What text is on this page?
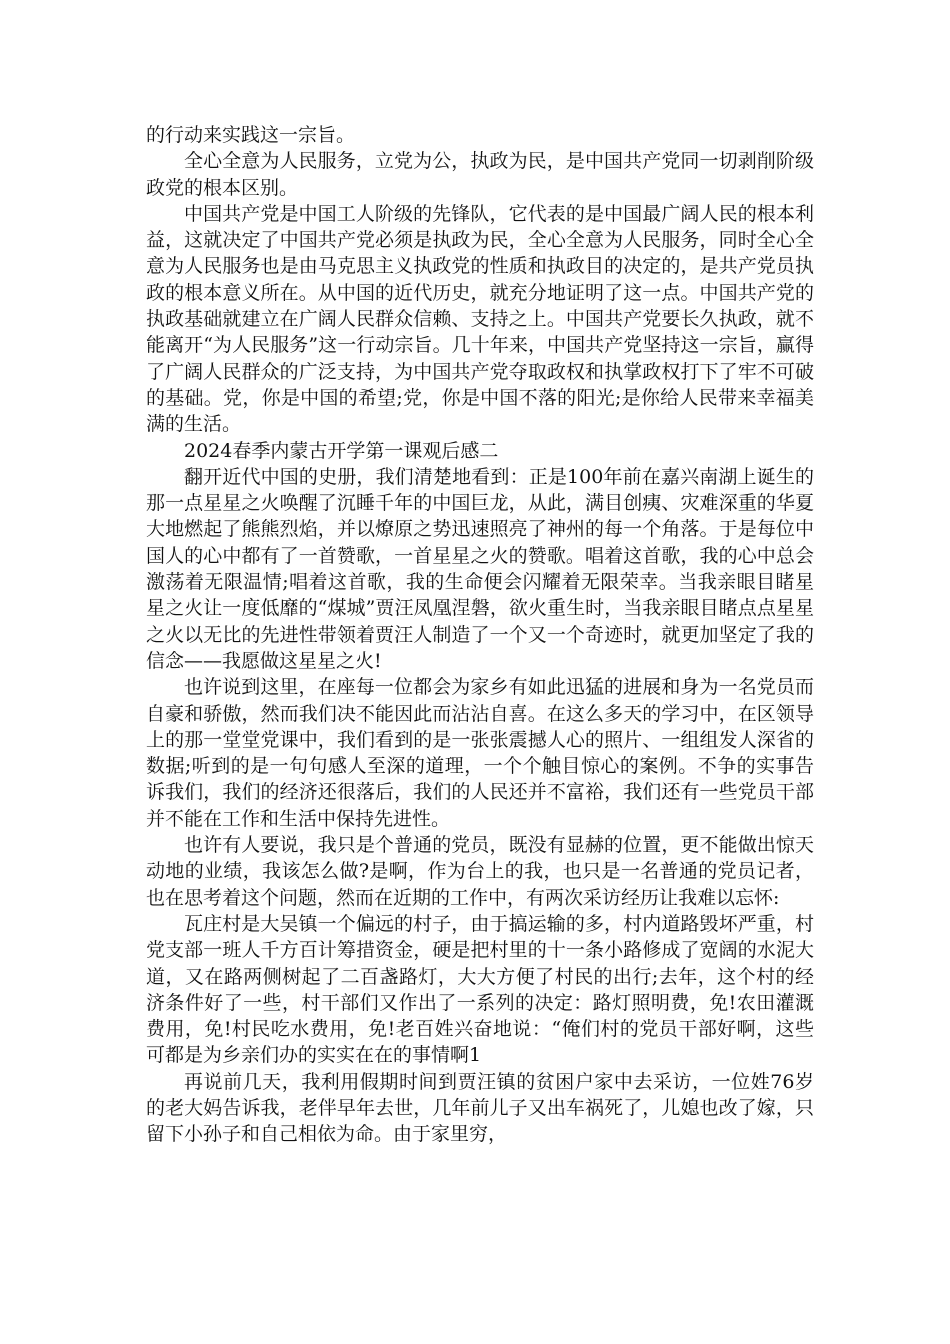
的行动来实践这一宗旨。

全心全意为人民服务，立党为公，执政为民，是中国共产党同一切剥削阶级政党的根本区别。

中国共产党是中国工人阶级的先锋队，它代表的是中国最广阔人民的根本利益，这就决定了中国共产党必须是执政为民，全心全意为人民服务，同时全心全意为人民服务也是由马克思主义执政党的性质和执政目的决定的，是共产党员执政的根本意义所在。从中国的近代历史，就充分地证明了这一点。中国共产党的执政基础就建立在广阔人民群众信赖、支持之上。中国共产党要长久执政，就不能离开“为人民服务”这一行动宗旨。几十年来，中国共产党坚持这一宗旨，赢得了广阔人民群众的广泛支持，为中国共产党夺取政权和执掌政权打下了牢不可破的基础。党，你是中国的希望;党，你是中国不落的阳光;是你给人民带来幸福美满的生活。

2024春季内蒙古开学第一课观后感二

翻开近代中国的史册，我们清楚地看到：正是100年前在嘉兴南湖上诞生的那一点星星之火唤醒了沉睡千年的中国巨龙，从此，满目创痍、灾难深重的华夏大地燃起了熊熊烈焰，并以燎原之势迅速照亮了神州的每一个角落。于是每位中国人的心中都有了一首赞歌，一首星星之火的赞歌。唱着这首歌，我的心中总会激荡着无限温情;唱着这首歌，我的生命便会闪耀着无限荣幸。当我亲眼目睹星星之火让一度低靡的“煤城”贾汪凤凰涅磐，欲火重生时，当我亲眼目睹点点星星之火以无比的先进性带领着贾汪人制造了一个又一个奇迹时，就更加坚定了我的信念——我愿做这星星之火!

也许说到这里，在座每一位都会为家乡有如此迅猛的进展和身为一名党员而自豪和骄傲，然而我们决不能因此而沾沾自喜。在这么多天的学习中，在区领导上的那一堂堂党课中，我们看到的是一张张震撼人心的照片、一组组发人深省的数据;听到的是一句句感人至深的道理，一个个触目惊心的案例。不争的实事告诉我们，我们的经济还很落后，我们的人民还并不富裕，我们还有一些党员干部并不能在工作和生活中保持先进性。

也许有人要说，我只是个普通的党员，既没有显赫的位置，更不能做出惊天动地的业绩，我该怎么做?是啊，作为台上的我，也只是一名普通的党员记者，也在思考着这个问题，然而在近期的工作中，有两次采访经历让我难以忘怀:

瓦庄村是大吴镇一个偏远的村子，由于搞运输的多，村内道路毁坏严重，村党支部一班人千方百计筹措资金，硬是把村里的十一条小路修成了宽阔的水泥大道，又在路两侧树起了二百盏路灯，大大方便了村民的出行;去年，这个村的经济条件好了一些，村干部们又作出了一系列的决定：路灯照明费，免!农田灌溉费用，免!村民吃水费用，免!老百姓兴奋地说：“俺们村的党员干部好啊，这些可都是为乡亲们办的实实在在的事情啊1

再说前几天，我利用假期时间到贾汪镇的贫困户家中去采访，一位姓76岁的老大妈告诉我，老伴早年去世，几年前儿子又出车祸死了，儿媳也改了嫁，只留下小孙子和自己相依为命。由于家里穷，
